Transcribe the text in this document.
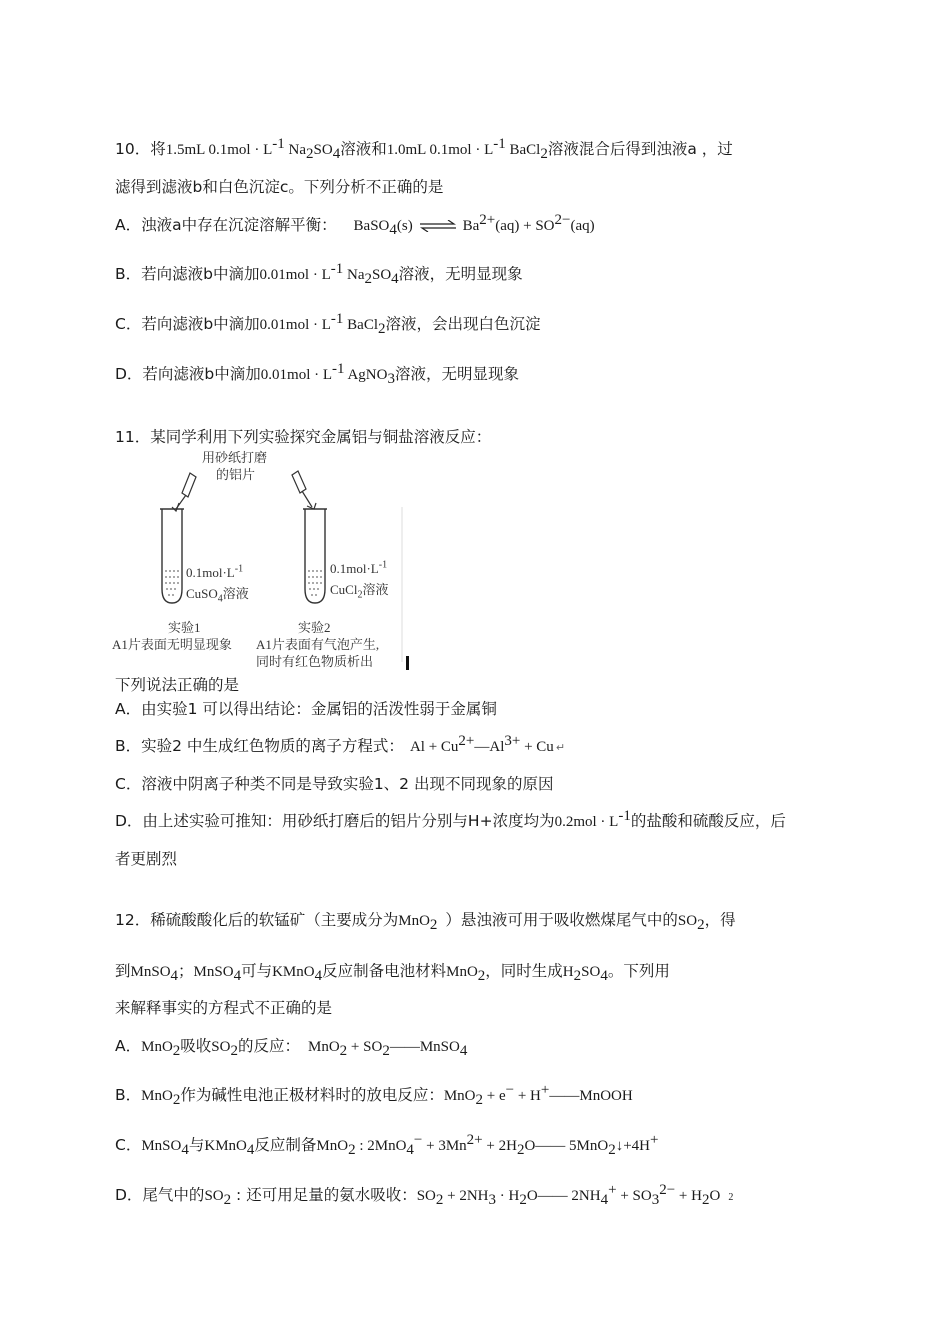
10．将1.5mL $0.1mol \cdot L^{-1}$ $Na_2SO_4$溶液和1.0mL $0.1mol \cdot L^{-1}$ BaCl$_2$溶液混合后得到浊液a ，过
滤得到滤液b和白色沉淀c。下列分析不正确的是
A．浊液a中存在沉淀溶解平衡： BaSO$_4$(s) ⇌ $Ba^{2+}(aq) + SO^{2-}(aq)$
B．若向滤液b中滴加$0.01mol \cdot L^{-1}$ $Na_2SO_4$溶液，无明显现象
C．若向滤液b中滴加$0.01mol \cdot L^{-1}$ BaCl$_2$溶液，会出现白色沉淀
D．若向滤液b中滴加$0.01mol \cdot L^{-1}$ AgNO$_3$溶液，无明显现象
11．某同学利用下列实验探究金属铝与铜盐溶液反应：
用砂纸打磨
的铝片
$0.1mol\cdot L^{-1}$
CuSO$_4$溶液
$0.1mol\cdot L^{-1}$
CuCl$_2$溶液
实验1
A1片表面无明显现象
实验2
A1片表面有气泡产生,
同时有红色物质析出
下列说法正确的是
A．由实验1 可以得出结论：金属铝的活泼性弱于金属铜
B．实验2 中生成红色物质的离子方程式： $Al + Cu^{2+}—Al^{3+} + Cu$ ↵
C．溶液中阴离子种类不同是导致实验1、2 出现不同现象的原因
D．由上述实验可推知：用砂纸打磨后的铝片分别与H+浓度均为$0.2mol \cdot L^{-1}$的盐酸和硫酸反应，后
者更剧烈
12．稀硫酸酸化后的软锰矿（主要成分为MnO$_2$ ）悬浊液可用于吸收燃煤尾气中的$SO_2$，得
到MnSO$_4$；MnSO$_4$可与KMnO$_4$反应制备电池材料MnO$_2$，同时生成$H_2SO_4$。下列用
来解释事实的方程式不正确的是
A．MnO$_2$吸收$SO_2$的反应： $MnO_2 + SO_2——MnSO_4$
B．MnO$_2$作为碱性电池正极材料时的放电反应：MnO$_2$ + e− + H+——MnOOH
C．MnSO$_4$与KMnO$_4$反应制备MnO$_2$ : $2MnO_4^- + 3Mn^{2+}$ + $2H_2O——$ 5MnO$_2$↓+4H+
D．尾气中的$SO_2$ : 还可用足量的氨水吸收：$SO_2 + 2NH_3$ · $H_2O——$ $2NH_4^+ + SO_3^{2-} + H_2O$ 2
